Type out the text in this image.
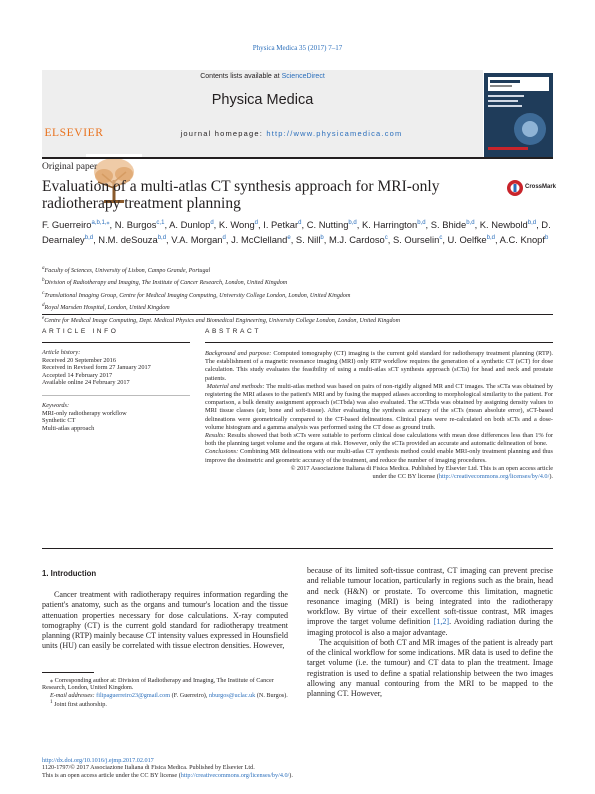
Physica Medica 35 (2017) 7–17
ELSEVIER
Contents lists available at ScienceDirect
Physica Medica
journal homepage: http://www.physicamedica.com
Original paper
Evaluation of a multi-atlas CT synthesis approach for MRI-only radiotherapy treatment planning
CrossMark
F. Guerreiro$^{a,b,1,⁎}$, N. Burgos$^{c,1}$, A. Dunlop$^d$, K. Wong$^d$, I. Petkar$^d$, C. Nutting$^{b,d}$, K. Harrington$^{b,d}$, S. Bhide$^{b,d}$, K. Newbold$^{b,d}$, D. Dearnaley$^{b,d}$, N.M. deSouza$^{b,d}$, V.A. Morgan$^d$, J. McClelland$^e$, S. Nill$^b$, M.J. Cardoso$^c$, S. Ourselin$^c$, U. Oelfke$^{b,d}$, A.C. Knopf$^b$
$^a$Faculty of Sciences, University of Lisbon, Campo Grande, Portugal
$^b$Division of Radiotherapy and Imaging, The Institute of Cancer Research, London, United Kingdom
$^c$Translational Imaging Group, Centre for Medical Imaging Computing, University College London, London, United Kingdom
$^d$Royal Marsden Hospital, London, United Kingdom
$^e$Centre for Medical Image Computing, Dept. Medical Physics and Biomedical Engineering, University College London, London, United Kingdom
ARTICLE INFO
Article history:
Received 20 September 2016
Received in Revised form 27 January 2017
Accepted 14 February 2017
Available online 24 February 2017
Keywords:
MRI-only radiotherapy workflow
Synthetic CT
Multi-atlas approach
ABSTRACT

Background and purpose: Computed tomography (CT) imaging is the current gold standard for radiotherapy treatment planning (RTP). The establishment of a magnetic resonance imaging (MRI) only RTP workflow requires the generation of a synthetic CT (sCT) for dose calculation. This study evaluates the feasibility of using a multi-atlas sCT synthesis approach (sCTa) for head and neck and prostate patients.

Material and methods: The multi-atlas method was based on pairs of non-rigidly aligned MR and CT images. The sCTa was obtained by registering the MRI atlases to the patient's MRI and by fusing the mapped atlases according to morphological similarity to the patient. For comparison, a bulk density assignment approach (sCTbda) was also evaluated. The sCTbda was obtained by assigning density values to MRI tissue classes (air, bone and soft-tissue). After evaluating the synthesis accuracy of the sCTs (mean absolute error), sCT-based delineations were geometrically compared to the CT-based delineations. Clinical plans were re-calculated on both sCTs and a dose-volume histogram and a gamma analysis was performed using the CT dose as ground truth.

Results: Results showed that both sCTs were suitable to perform clinical dose calculations with mean dose differences less than 1% for both the planning target volume and the organs at risk. However, only the sCTa provided an accurate and automatic delineation of bone.

Conclusions: Combining MR delineations with our multi-atlas CT synthesis method could enable MRI-only treatment planning and thus improve the dosimetric and geometric accuracy of the treatment, and reduce the number of imaging procedures.

© 2017 Associazione Italiana di Fisica Medica. Published by Elsevier Ltd. This is an open access article

under the CC BY license (http://creativecommons.org/licenses/by/4.0/).

1. Introduction

Cancer treatment with radiotherapy requires information regarding the patient's anatomy, such as the organs and tumour's location and the tissue attenuation properties necessary for dose calculations. X-ray computed tomography (CT) is the current gold standard for radiotherapy treatment planning (RTP) mainly because CT intensity values expressed in Hounsfield units (HU) can easily be correlated with tissue electron densities. However,

because of its limited soft-tissue contrast, CT imaging can prevent precise and reliable tumour location, particularly in regions such as the brain, head and neck (H&N) or prostate. To overcome this limitation, magnetic resonance imaging (MRI) is being integrated into the radiotherapy workflow. By virtue of their excellent soft-tissue contrast, MR images improve the target volume definition [1,2]. Avoiding radiation during the imaging protocol is also a major advantage.

The acquisition of both CT and MR images of the patient is already part of the clinical workflow for some indications. MR data is used to define the target volume (i.e. the tumour) and CT data to plan the treatment. Image registration is used to define a spatial relationship between the two images allowing any manual contouring from the MRI to be mapped to the planning CT. However,

⁎ Corresponding author at: Division of Radiotherapy and Imaging, The Institute of Cancer Research, London, United Kingdom.
E-mail addresses: filipaguerreiro23@gmail.com (F. Guerreiro), nburgos@uclac.uk (N. Burgos).
$^1$ Joint first authorship.
http://dx.doi.org/10.1016/j.ejmp.2017.02.017
1120-1797/© 2017 Associazione Italiana di Fisica Medica. Published by Elsevier Ltd.
This is an open access article under the CC BY license (http://creativecommons.org/licenses/by/4.0/).
